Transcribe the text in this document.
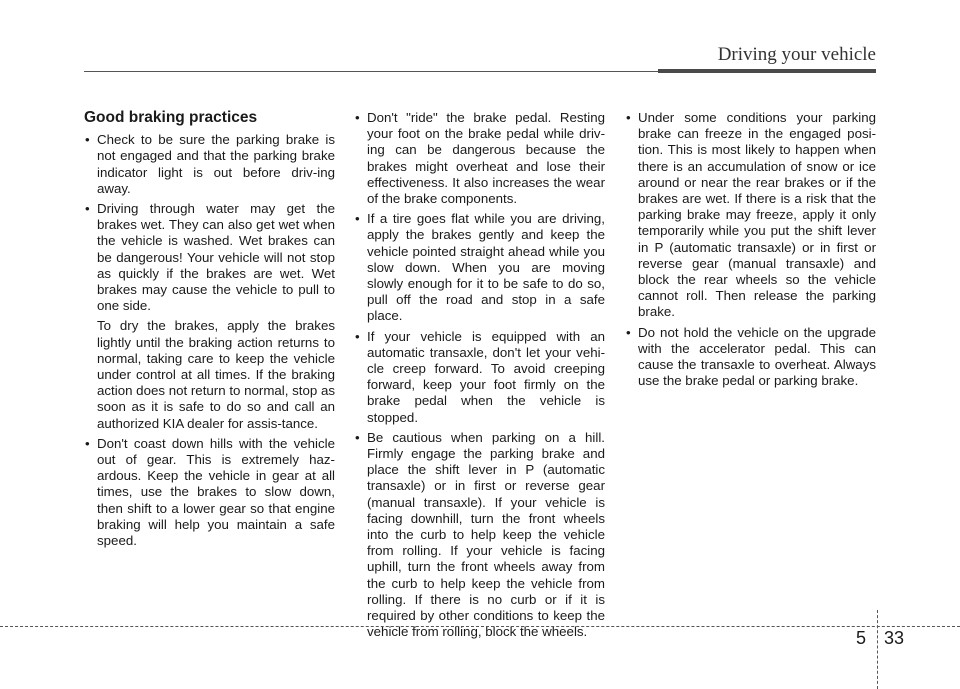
Driving your vehicle
Good braking practices
• Check to be sure the parking brake is not engaged and that the parking brake indicator light is out before driv-ing away.
• Driving through water may get the brakes wet. They can also get wet when the vehicle is washed. Wet brakes can be dangerous! Your vehicle will not stop as quickly if the brakes are wet. Wet brakes may cause the vehicle to pull to one side.

To dry the brakes, apply the brakes lightly until the braking action returns to normal, taking care to keep the vehicle under control at all times. If the braking action does not return to normal, stop as soon as it is safe to do so and call an authorized KIA dealer for assis-tance.

• Don't coast down hills with the vehicle out of gear. This is extremely haz-ardous. Keep the vehicle in gear at all times, use the brakes to slow down, then shift to a lower gear so that engine braking will help you maintain a safe speed.
• Don't "ride" the brake pedal. Resting your foot on the brake pedal while driv-ing can be dangerous because the brakes might overheat and lose their effectiveness. It also increases the wear of the brake components.
• If a tire goes flat while you are driving, apply the brakes gently and keep the vehicle pointed straight ahead while you slow down. When you are moving slowly enough for it to be safe to do so, pull off the road and stop in a safe place.
• If your vehicle is equipped with an automatic transaxle, don't let your vehi-cle creep forward. To avoid creeping forward, keep your foot firmly on the brake pedal when the vehicle is stopped.
• Be cautious when parking on a hill. Firmly engage the parking brake and place the shift lever in P (automatic transaxle) or in first or reverse gear (manual transaxle). If your vehicle is facing downhill, turn the front wheels into the curb to help keep the vehicle from rolling. If your vehicle is facing uphill, turn the front wheels away from the curb to help keep the vehicle from rolling. If there is no curb or if it is required by other conditions to keep the vehicle from rolling, block the wheels.
• Under some conditions your parking brake can freeze in the engaged posi-tion. This is most likely to happen when there is an accumulation of snow or ice around or near the rear brakes or if the brakes are wet. If there is a risk that the parking brake may freeze, apply it only temporarily while you put the shift lever in P (automatic transaxle) or in first or reverse gear (manual transaxle) and block the rear wheels so the vehicle cannot roll. Then release the parking brake.
• Do not hold the vehicle on the upgrade with the accelerator pedal. This can cause the transaxle to overheat. Always use the brake pedal or parking brake.
5 33
